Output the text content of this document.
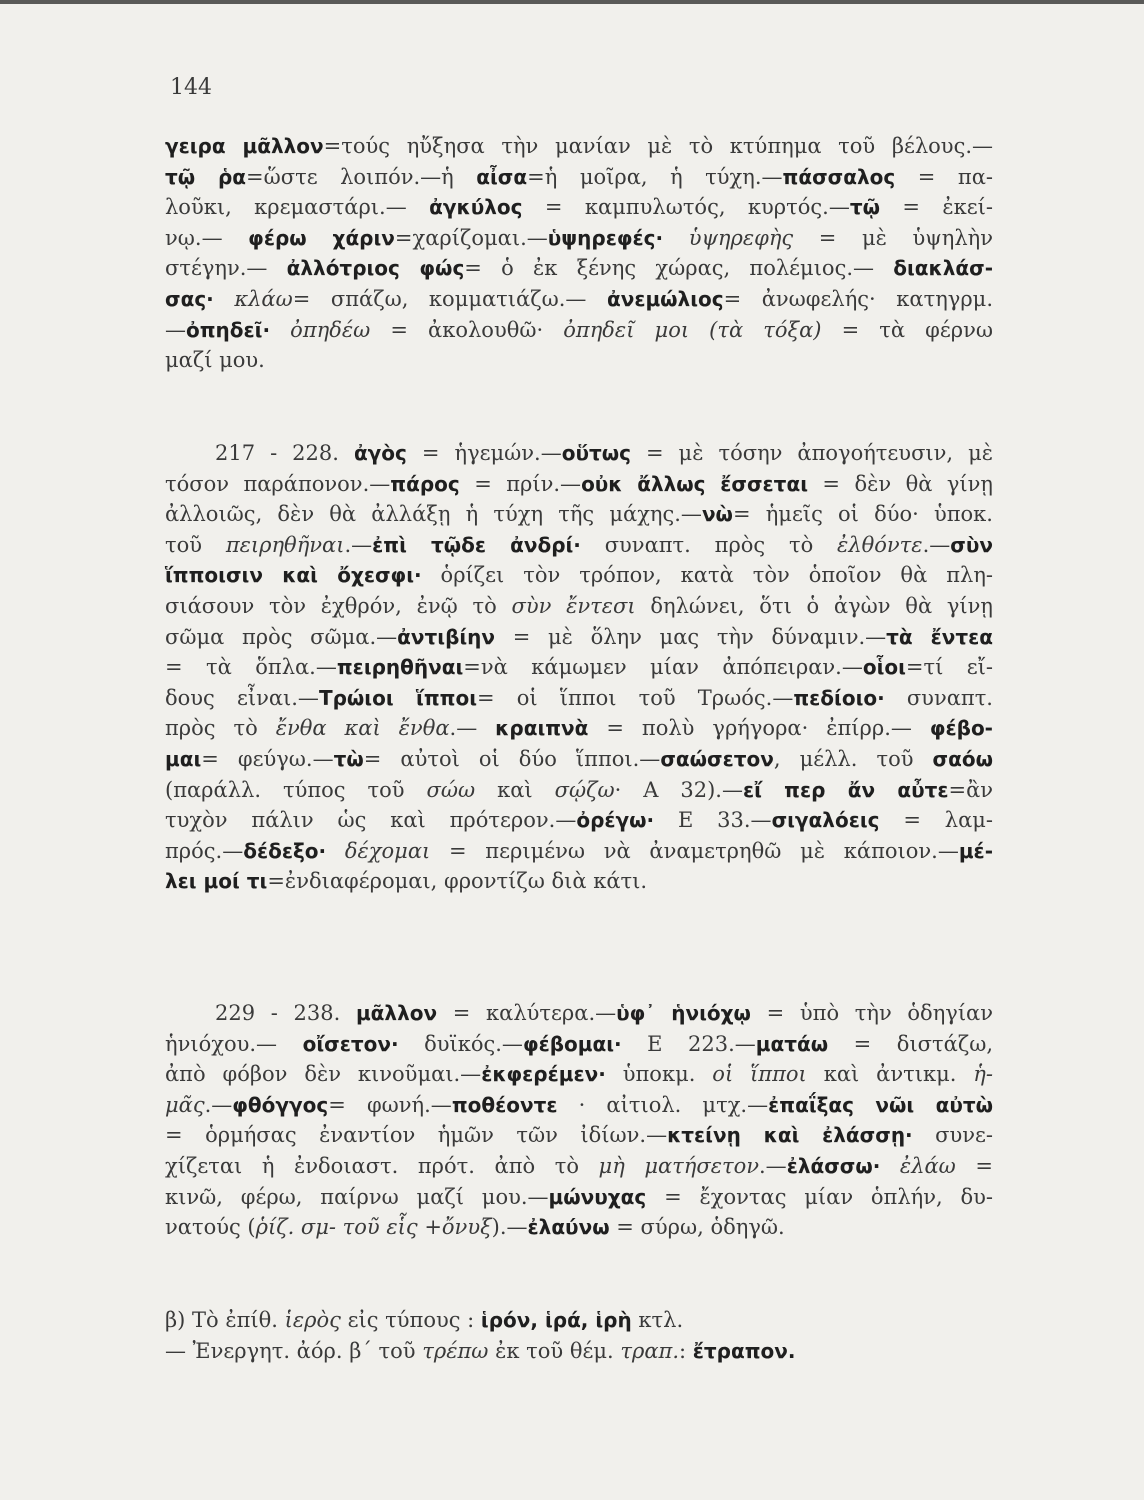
144
γειρα μᾶλλον=τούς ηὔξησα τὴν μανίαν μὲ τὸ κτύπημα τοῦ βέλους.—
τῷ ῥα=ὥστε λοιπόν.—ἡ αἶσα=ἡ μοῖρα, ἡ τύχη.—πάσσαλος = πα-
λοῦκι, κρεμαστάρι.— ἀγκύλος = καμπυλωτός, κυρτός.—τῷ = ἐκεί-
νῳ.— φέρω χάριν=χαρίζομαι.—ὑψηρεφές· ὑψηρεφὴς = μὲ ὑψηλὴν
στέγην.— ἀλλότριος φώς= ὁ ἐκ ξένης χώρας, πολέμιος.— διακλάσ-
σας· κλάω= σπάζω, κομματιάζω.— ἀνεμώλιος= ἀνωφελής· κατηγρμ.
—ὀπηδεῖ· ὀπηδέω = ἀκολουθῶ· ὀπηδεῖ μοι (τὰ τόξα) = τὰ φέρνω
μαζί μου.
217 - 228. ἀγὸς = ἡγεμών.—οὕτως = μὲ τόσην ἀπογοήτευσιν, μὲ
τόσον παράπονον.—πάρος = πρίν.—οὐκ ἄλλως ἔσσεται = δὲν θὰ γίνῃ
ἀλλοιῶς, δὲν θὰ ἀλλάξῃ ἡ τύχη τῆς μάχης.—νὼ= ἡμεῖς οἱ δύο· ὑποκ.
τοῦ πειρηθῆναι.—ἐπὶ τῷδε ἀνδρί· συναπτ. πρὸς τὸ ἐλθόντε.—σὺν
ἵπποισιν καὶ ὄχεσφι· ὁρίζει τὸν τρόπον, κατὰ τὸν ὁποῖον θὰ πλη-
σιάσουν τὸν ἐχθρόν, ἐνῷ τὸ σὺν ἔντεσι δηλώνει, ὅτι ὁ ἀγὼν θὰ γίνῃ
σῶμα πρὸς σῶμα.—ἀντιβίην = μὲ ὅλην μας τὴν δύναμιν.—τὰ ἔντεα
= τὰ ὅπλα.—πειρηθῆναι=νὰ κάμωμεν μίαν ἀπόπειραν.—οἷοι=τί εἴ-
δους εἶναι.—Τρώιοι ἵπποι= οἱ ἵπποι τοῦ Τρωός.—πεδίοιο· συναπτ.
πρὸς τὸ ἔνθα καὶ ἔνθα.— κραιπνὰ = πολὺ γρήγορα· ἐπίρρ.— φέβο-
μαι= φεύγω.—τὼ= αὐτοὶ οἱ δύο ἵπποι.—σαώσετον, μέλλ. τοῦ σαόω
(παράλλ. τύπος τοῦ σώω καὶ σῴζω· Α 32).—εἴ περ ἄν αὖτε=ἂν
τυχὸν πάλιν ὡς καὶ πρότερον.—ὀρέγω· Ε 33.—σιγαλόεις = λαμ-
πρός.—δέδεξο· δέχομαι = περιμένω νὰ ἀναμετρηθῶ μὲ κάποιον.—μέ-
λει μοί τι=ἐνδιαφέρομαι, φροντίζω διὰ κάτι.
229 - 238. μᾶλλον = καλύτερα.—ὑφ᾽ ἡνιόχῳ = ὑπὸ τὴν ὁδηγίαν
ἡνιόχου.— οἴσετον· δυϊκός.—φέβομαι· Ε 223.—ματάω = διστάζω,
ἀπὸ φόβον δὲν κινοῦμαι.—ἐκφερέμεν· ὑποκμ. οἱ ἵπποι καὶ ἀντικμ. ἡ-
μᾶς.—φθόγγος= φωνή.—ποθέοντε · αἰτιολ. μτχ.—ἐπαΐξας νῶι αὐτὼ
= ὁρμήσας ἐναντίον ἡμῶν τῶν ἰδίων.—κτείνῃ καὶ ἐλάσσῃ· συνε-
χίζεται ἡ ἐνδοιαστ. πρότ. ἀπὸ τὸ μὴ ματήσετον.—ἐλάσσω· ἐλάω =
κινῶ, φέρω, παίρνω μαζί μου.—μώνυχας = ἔχοντας μίαν ὁπλήν, δυ-
νατούς (ῥίζ. σμ- τοῦ εἷς +ὄνυξ).—ἐλαύνω = σύρω, ὁδηγῶ.
β) Τὸ ἐπίθ. ἱερὸς εἰς τύπους : ἱρόν, ἱρά, ἱρὴ κτλ.
— Ἐνεργητ. ἀόρ. β´ τοῦ τρέπω ἐκ τοῦ θέμ. τραπ.: ἔτραπον.
